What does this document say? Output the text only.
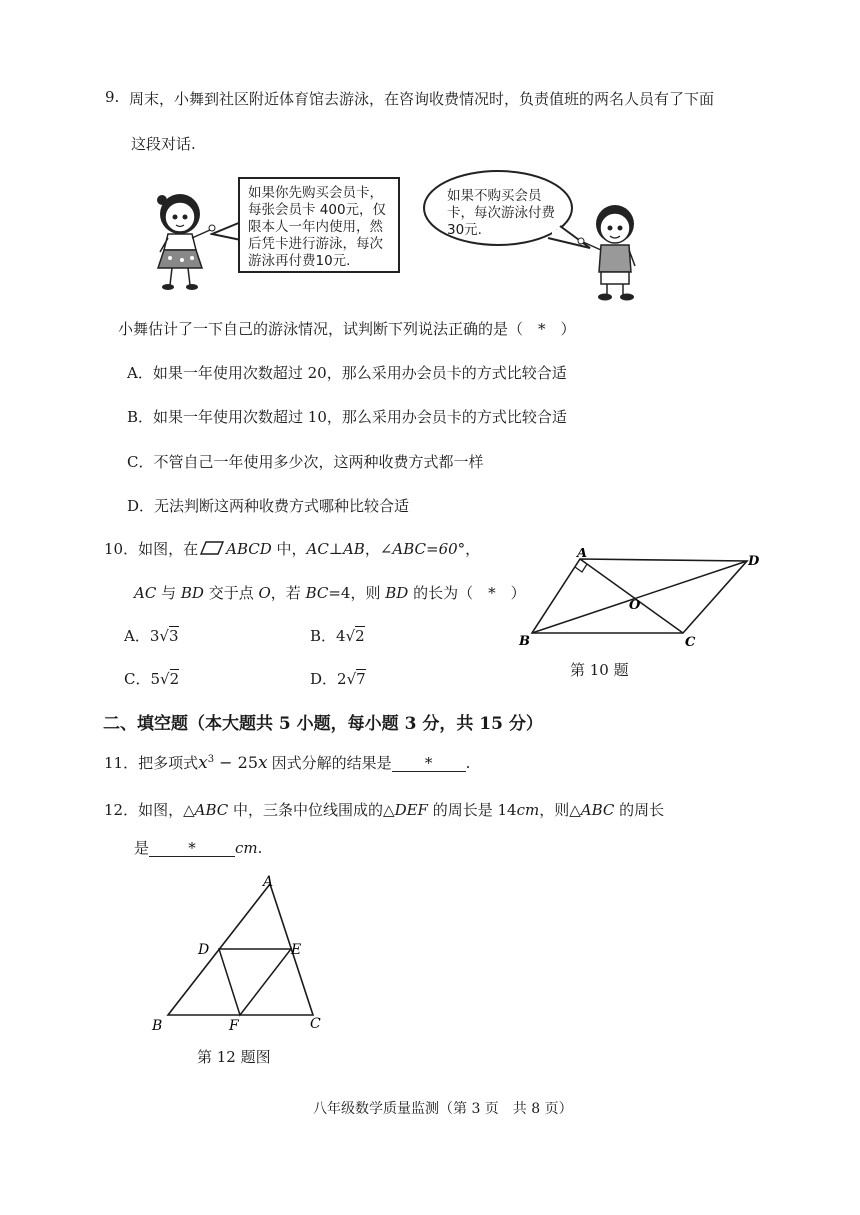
9. 周末，小舞到社区附近体育馆去游泳，在咨询收费情况时，负责值班的两名人员有了下面
这段对话.
如果你先购买会员卡，
每张会员卡 400元，仅
限本人一年内使用，然
后凭卡进行游泳，每次
游泳再付费10元.
如果不购买会员
卡，每次游泳付费
30元.
小舞估计了一下自己的游泳情况，试判断下列说法正确的是（　*　）
A．如果一年使用次数超过 20，那么采用办会员卡的方式比较合适
B．如果一年使用次数超过 10，那么采用办会员卡的方式比较合适
C．不管自己一年使用多少次，这两种收费方式都一样
D．无法判断这两种收费方式哪种比较合适
10．如图，在 ABCD 中，AC⊥AB，∠ABC=60°，
AC 与 BD 交于点 O，若 BC=4，则 BD 的长为（　*　）
A．3√3	B．4√2
C．5√2	D．2√7
A
D
O
B	C
第 10 题
二、填空题（本大题共 5 小题，每小题 3 分，共 15 分）
11．把多项式$x^3 - 25x$ 因式分解的结果是 * .
12．如图，△ABC 中，三条中位线围成的△DEF 的周长是 14cm，则△ABC 的周长
是	*	cm.
A
D	E
B	F	C
第 12 题图
八年级数学质量监测（第 3 页　共 8 页）
